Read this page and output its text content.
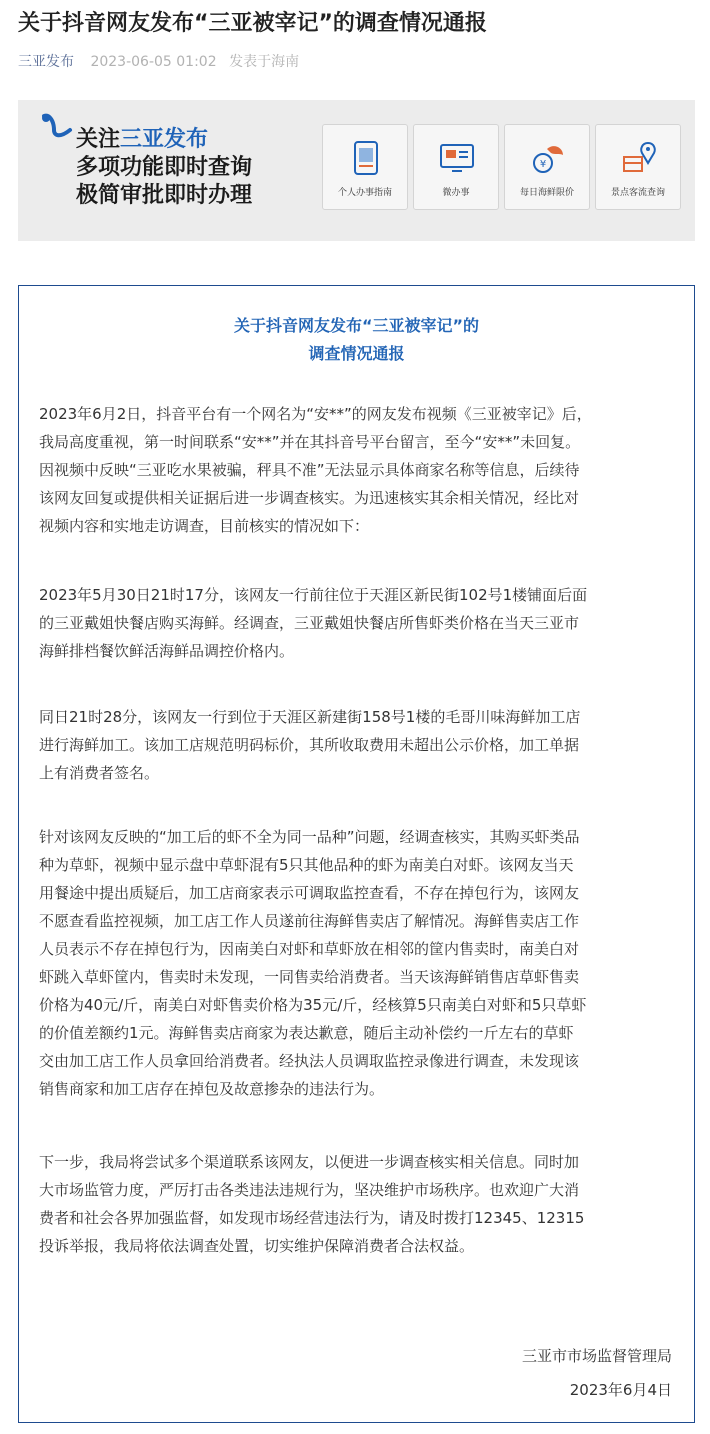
关于抖音网友发布“三亚被宰记”的调查情况通报
三亚发布 2023-06-05 01:02 发表于海南
关注三亚发布
多项功能即时查询
极简审批即时办理	个人办事指南	微办事
¥
每日海鲜限价	景点客流查询
关于抖音网友发布“三亚被宰记”的
调查情况通报
2023年6月2日，抖音平台有一个网名为“安**”的网友发布视频《三亚被宰记》后，
我局高度重视，第一时间联系“安**”并在其抖音号平台留言，至今“安**”未回复。
因视频中反映“三亚吃水果被骗，秤具不准”无法显示具体商家名称等信息，后续待
该网友回复或提供相关证据后进一步调查核实。为迅速核实其余相关情况，经比对
视频内容和实地走访调查，目前核实的情况如下：
2023年5月30日21时17分，该网友一行前往位于天涯区新民街102号1楼铺面后面
的三亚戴姐快餐店购买海鲜。经调查，三亚戴姐快餐店所售虾类价格在当天三亚市
海鲜排档餐饮鲜活海鲜品调控价格内。
同日21时28分，该网友一行到位于天涯区新建街158号1楼的毛哥川味海鲜加工店
进行海鲜加工。该加工店规范明码标价，其所收取费用未超出公示价格，加工单据
上有消费者签名。
针对该网友反映的“加工后的虾不全为同一品种”问题，经调查核实，其购买虾类品
种为草虾，视频中显示盘中草虾混有5只其他品种的虾为南美白对虾。该网友当天
用餐途中提出质疑后，加工店商家表示可调取监控查看，不存在掉包行为，该网友
不愿查看监控视频，加工店工作人员遂前往海鲜售卖店了解情况。海鲜售卖店工作
人员表示不存在掉包行为，因南美白对虾和草虾放在相邻的筐内售卖时，南美白对
虾跳入草虾筐内，售卖时未发现，一同售卖给消费者。当天该海鲜销售店草虾售卖
价格为40元/斤，南美白对虾售卖价格为35元/斤，经核算5只南美白对虾和5只草虾
的价值差额约1元。海鲜售卖店商家为表达歉意，随后主动补偿约一斤左右的草虾
交由加工店工作人员拿回给消费者。经执法人员调取监控录像进行调查，未发现该
销售商家和加工店存在掉包及故意掺杂的违法行为。
下一步，我局将尝试多个渠道联系该网友，以便进一步调查核实相关信息。同时加
大市场监管力度，严厉打击各类违法违规行为，坚决维护市场秩序。也欢迎广大消
费者和社会各界加强监督，如发现市场经营违法行为，请及时拨打12345、12315
投诉举报，我局将依法调查处置，切实维护保障消费者合法权益。
三亚市市场监督管理局
2023年6月4日
